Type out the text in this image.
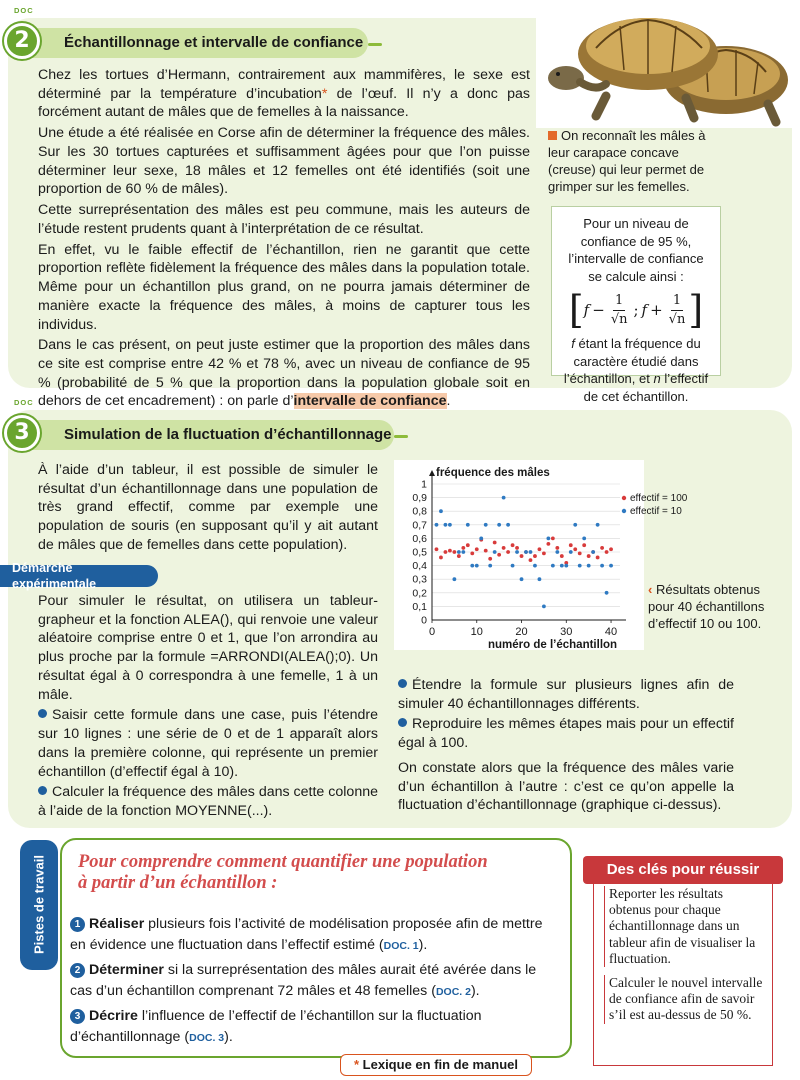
DOC
Échantillonnage et intervalle de confiance
2

Chez les tortues d’Hermann, contrairement aux mammifères, le sexe est déterminé par la température d’incubation* de l’œuf. Il n’y a donc pas forcément autant de mâles que de femelles à la naissance.

Une étude a été réalisée en Corse afin de déterminer la fréquence des mâles. Sur les 30 tortues capturées et suffisamment âgées pour que l’on puisse déterminer leur sexe, 18 mâles et 12 femelles ont été identifiés (soit une proportion de 60 % de mâles).

Cette surreprésentation des mâles est peu commune, mais les auteurs de l’étude restent prudents quant à l’interprétation de ce résultat.

En effet, vu le faible effectif de l’échantillon, rien ne garantit que cette proportion reflète fidèlement la fréquence des mâles dans la population totale. Même pour un échantillon plus grand, on ne pourra jamais déterminer de manière exacte la fréquence des mâles, à moins de capturer tous les individus.

Dans le cas présent, on peut juste estimer que la proportion des mâles dans ce site est comprise entre 42 % et 78 %, avec un niveau de confiance de 95 % (probabilité de 5 % que la proportion dans la population globale soit en dehors de cet encadrement) : on parle d’intervalle de confiance.

On reconnaît les mâles à leur carapace concave (creuse) qui leur permet de grimper sur les femelles.
Pour un niveau de confiance de 95 %, l’intervalle de confiance se calcule ainsi :
[ $f - \frac{1}{√n}$ ; $f + \frac{1}{√n}$ ]
f étant la fréquence du caractère étudié dans l’échantillon, et n l’effectif de cet échantillon.
DOC
Simulation de la fluctuation d’échantillonnage
3
À l’aide d’un tableur, il est possible de simuler le résultat d’un échantillonnage dans une population de très grand effectif, comme par exemple une population de souris (en supposant qu’il y ait autant de mâles que de femelles dans cette population).
Démarche expérimentale

Pour simuler le résultat, on utilisera un tableur-grapheur et la fonction ALEA(), qui renvoie une valeur aléatoire comprise entre 0 et 1, que l’on arrondira au plus proche par la formule =ARRONDI(ALEA();0). Un résultat égal à 0 correspondra à une femelle, 1 à un mâle.

Saisir cette formule dans une case, puis l’étendre sur 10 lignes : une série de 0 et de 1 apparaît alors dans la première colonne, qui représente un premier échantillon (d’effectif égal à 10).

Calculer la fréquence des mâles dans cette colonne à l’aide de la fonction MOYENNE(...).

0
0,1
0,2
0,3
0,4
0,5
0,6
0,7
0,8
0,9
1
0	10	20	30	40
fréquence des mâles
numéro de l’échantillon
effectif = 100
effectif = 10
‹ Résultats obtenus pour 40 échantillons d’effectif 10 ou 100.

Étendre la formule sur plusieurs lignes afin de simuler 40 échantillonnages différents.

Reproduire les mêmes étapes mais pour un effectif égal à 100.

On constate alors que la fréquence des mâles varie d’un échantillon à l’autre : c’est ce qu’on appelle la fluctuation d’échantillonnage (graphique ci-dessus).

Pistes de travail	Pour comprendre comment quantifier une population
à partir d’un échantillon :
1 Réaliser plusieurs fois l’activité de modélisation proposée afin de mettre en évidence une fluctuation dans l’effectif estimé (DOC. 1).
2 Déterminer si la surreprésentation des mâles aurait été avérée dans le cas d’un échantillon comprenant 72 mâles et 48 femelles (DOC. 2).
3 Décrire l’influence de l’effectif de l’échantillon sur la fluctuation d’échantillonnage (DOC. 3).
* Lexique en fin de manuel
Des clés pour réussir
Reporter les résultats obtenus pour chaque échantillonnage dans un tableur afin de visualiser la fluctuation.
Calculer le nouvel intervalle de confiance afin de savoir s’il est au-dessus de 50 %.
